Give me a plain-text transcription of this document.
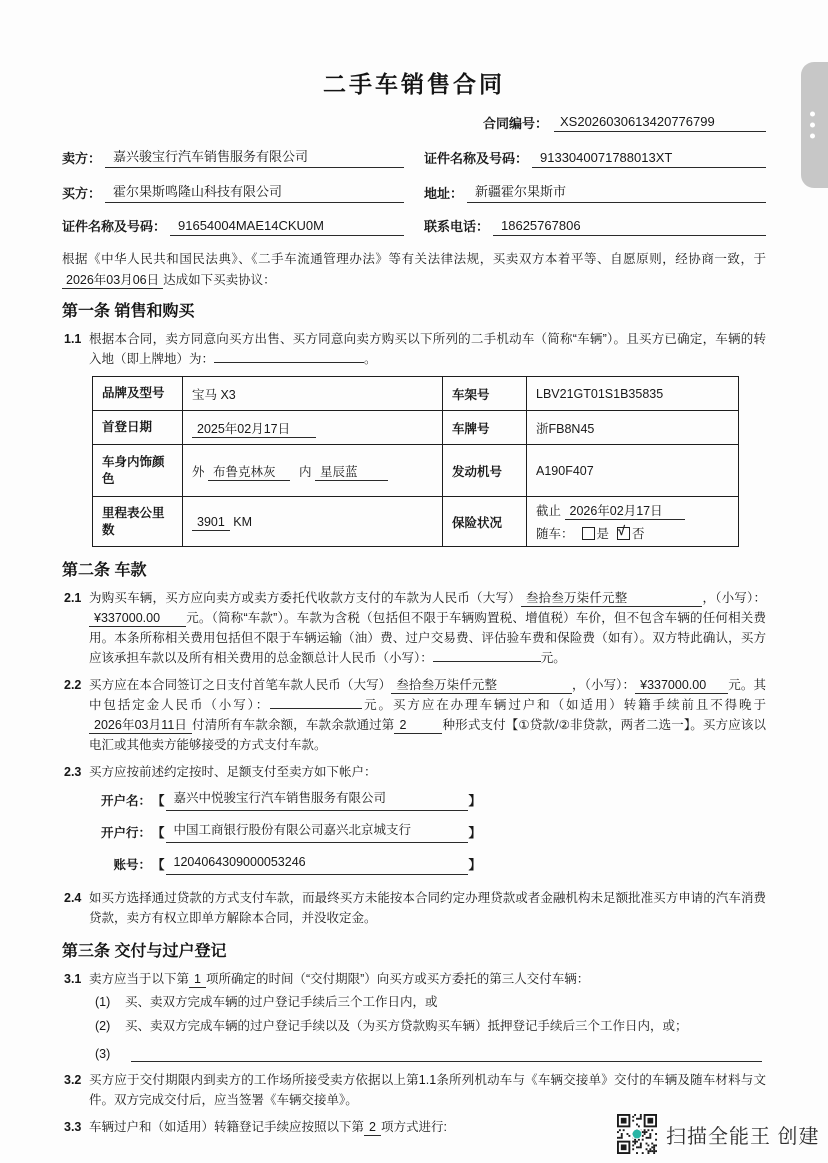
二手车销售合同
合同编号： XS2026030613420776799
卖方： 嘉兴骏宝行汽车销售服务有限公司	证件名称及号码： 9133040071788013XT
买方： 霍尔果斯鸣隆山科技有限公司	地址： 新疆霍尔果斯市
证件名称及号码： 91654004MAE14CKU0M	联系电话： 18625767806

根据《中华人民共和国民法典》、《二手车流通管理办法》等有关法律法规，买卖双方本着平等、自愿原则，经协商一致，于2026年03月06日 达成如下买卖协议：

第一条 销售和购买
1.1 根据本合同，卖方同意向买方出售、买方同意向卖方购买以下所列的二手机动车（简称“车辆”）。且买方已确定，车辆的转入地（即上牌地）为：	。
品牌及型号	宝马 X3	车架号	LBV21GT01S1B35835
首登日期	2025年02月17日	车牌号	浙FB8N45
车身内饰颜色	外 布鲁克林灰 内 星辰蓝	发动机号	A190F407
里程表公里数	3901 KM	保险状况	截止 2026年02月17日
随车： 是 √ 否
第二条 车款
2.1 为购买车辆，买方应向卖方或卖方委托代收款方支付的车款为人民币（大写） 叁拾叁万柒仟元整	，（小写）：¥337000.00 元。（简称“车款”）。车款为含税（包括但不限于车辆购置税、增值税）车价，但不包含车辆的任何相关费用。本条所称相关费用包括但不限于车辆运输（油）费、过户交易费、评估验车费和保险费（如有）。双方特此确认，买方应该承担车款以及所有相关费用的总金额总计人民币（小写）：	元。
2.2 买方应在本合同签订之日支付首笔车款人民币（大写） 叁拾叁万柒仟元整	，（小写）： ¥337000.00 元。其中包括定金人民币（小写）：	元。买方应在办理车辆过户和（如适用）转籍手续前且不得晚于2026年03月11日 付清所有车款余额，车款余款通过第 2	种形式支付【①贷款/②非贷款，两者二选一】。买方应该以电汇或其他卖方能够接受的方式支付车款。
2.3 买方应按前述约定按时、足额支付至卖方如下帐户：
开户名： 【 嘉兴中悦骏宝行汽车销售服务有限公司	】
开户行： 【 中国工商银行股份有限公司嘉兴北京城支行	】
账号： 【 1204064309000053246	】
2.4 如买方选择通过贷款的方式支付车款，而最终买方未能按本合同约定办理贷款或者金融机构未足额批准买方申请的汽车消费贷款，卖方有权立即单方解除本合同，并没收定金。
第三条 交付与过户登记
3.1 卖方应当于以下第 1 项所确定的时间（“交付期限”）向买方或买方委托的第三人交付车辆：
(1)	买、卖双方完成车辆的过户登记手续后三个工作日内，或
(2)	买、卖双方完成车辆的过户登记手续以及（为买方贷款购买车辆）抵押登记手续后三个工作日内，或；
(3)
3.2 买方应于交付期限内到卖方的工作场所接受卖方依据以上第1.1条所列机动车与《车辆交接单》交付的车辆及随车材料与文件。双方完成交付后，应当签署《车辆交接单》。
3.3 车辆过户和（如适用）转籍登记手续应按照以下第 2 项方式进行:	扫描全能王 创建
